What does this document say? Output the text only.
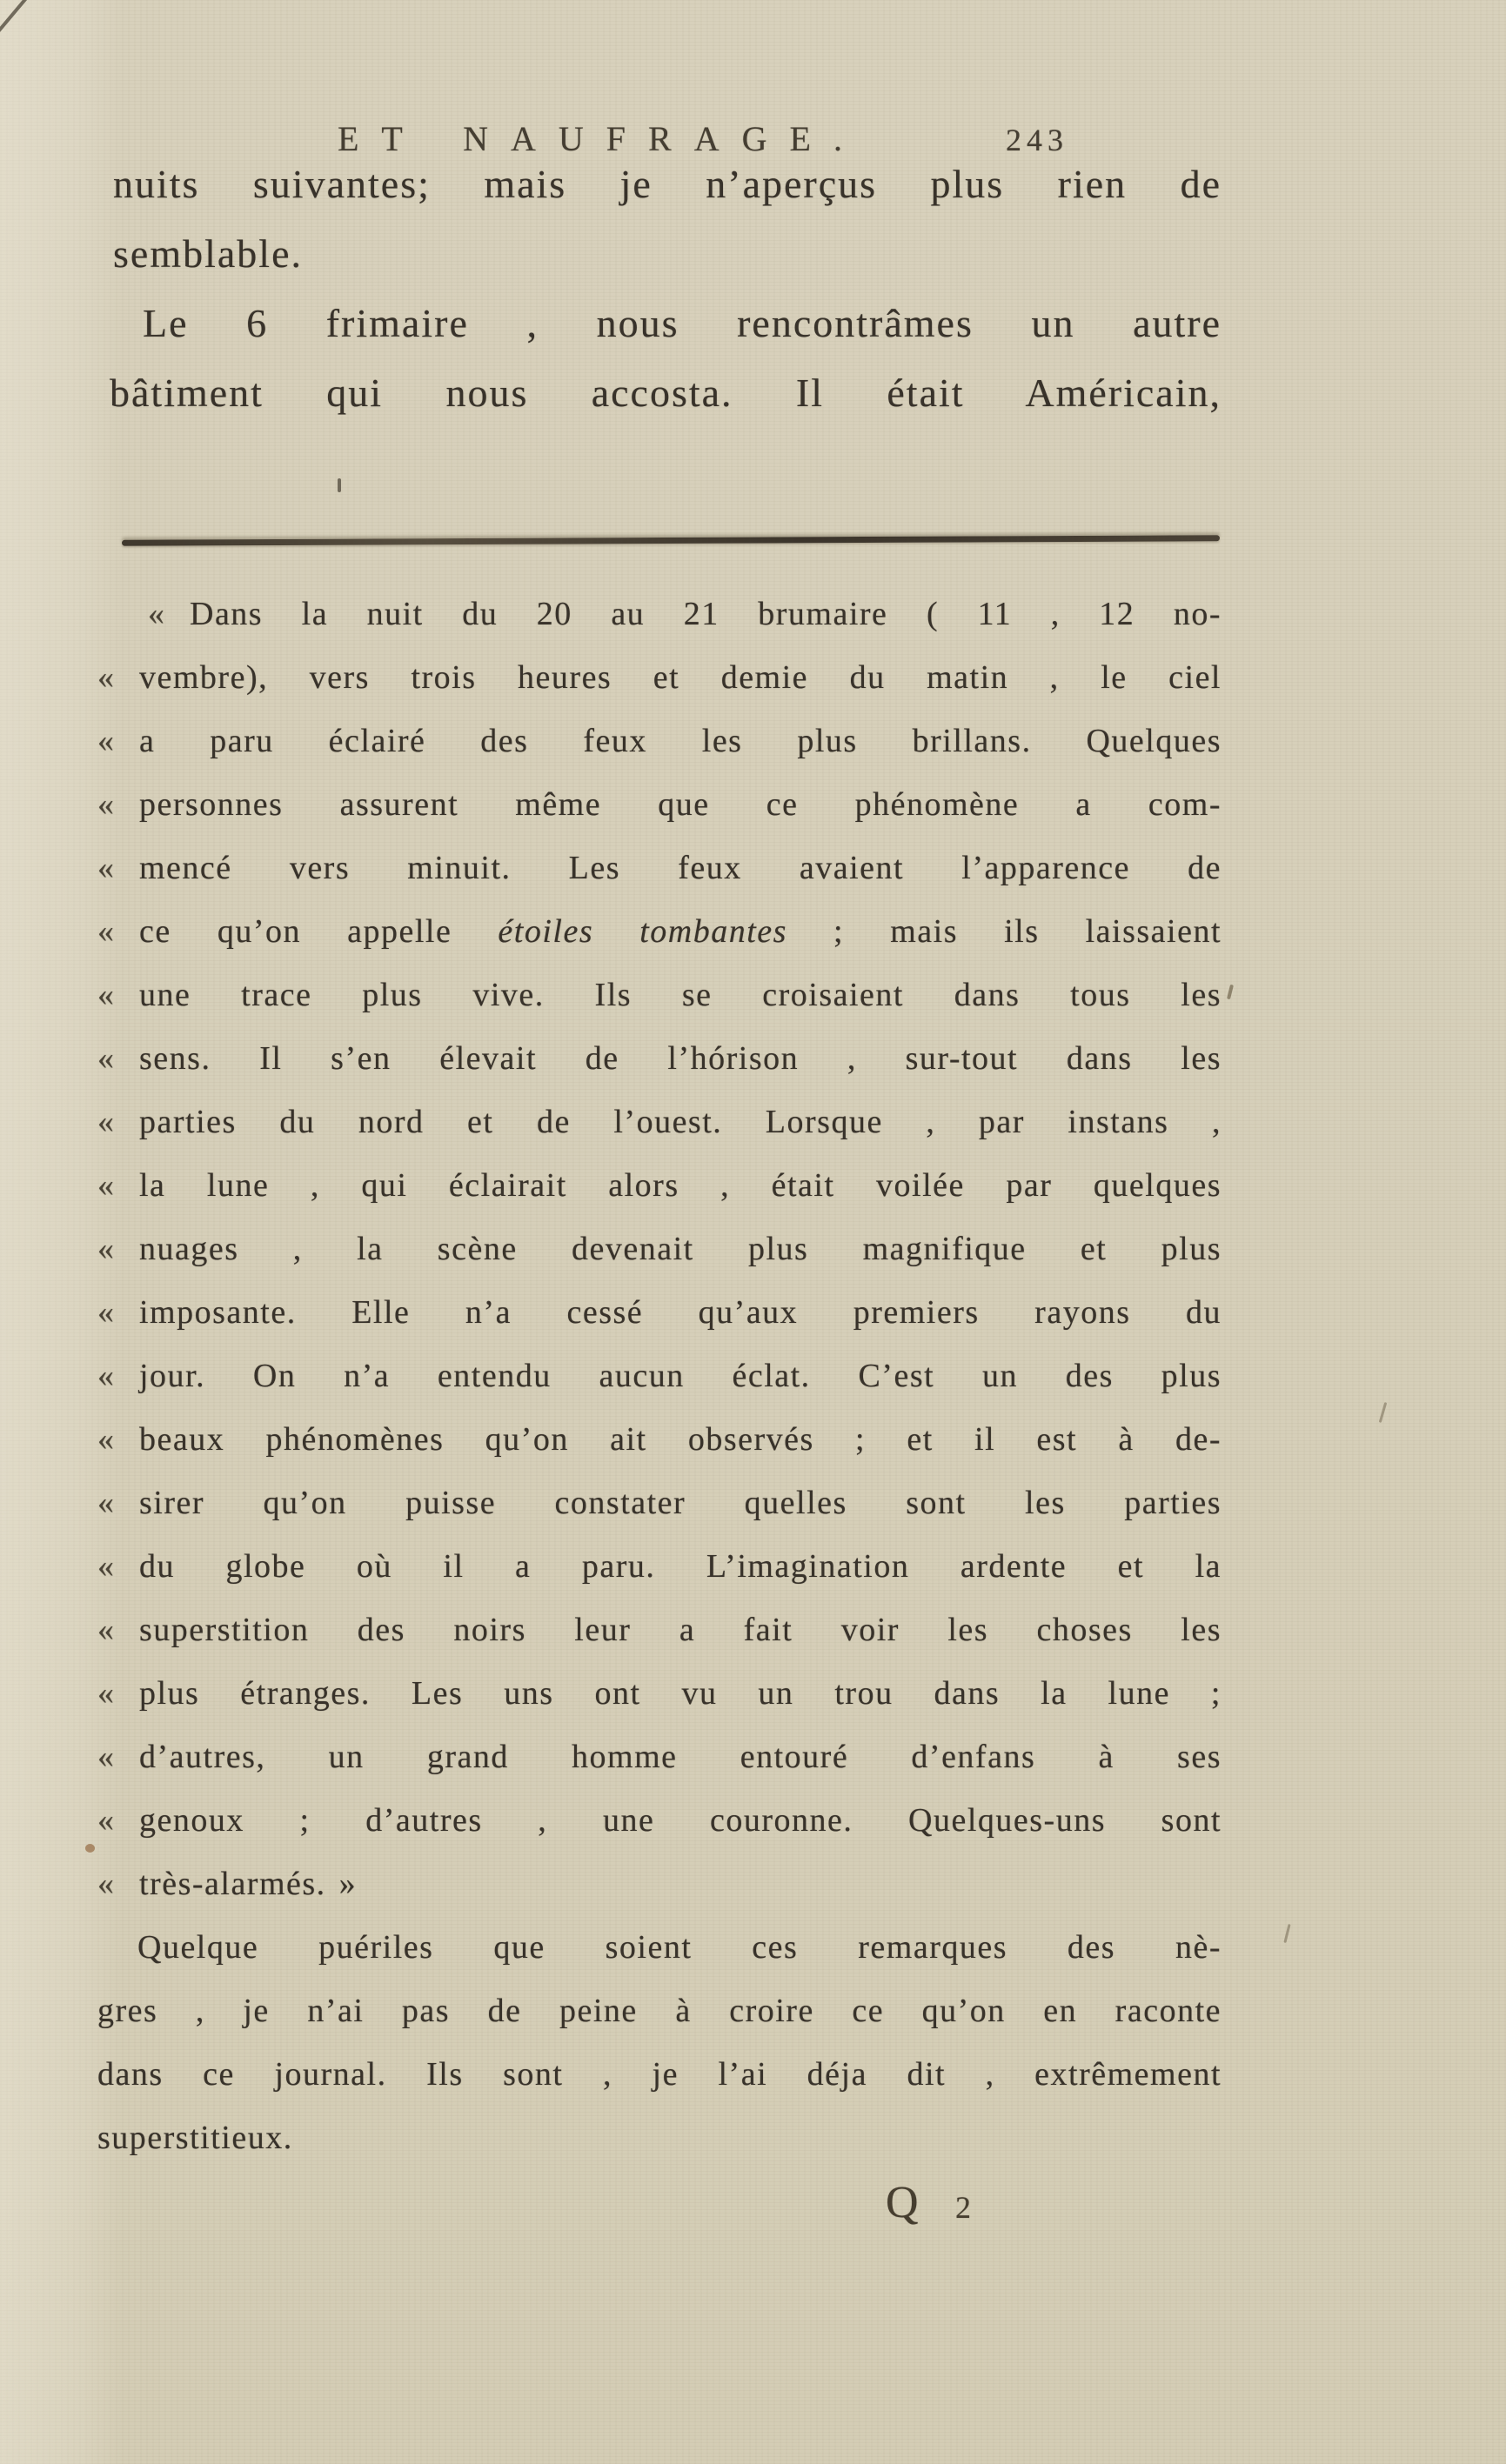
ET NAUFRAGE.	243
nuits suivantes; mais je n’aperçus plus rien de
semblable.
Le 6 frimaire , nous rencontrâmes un autre
bâtiment qui nous accosta. Il était Américain,
« Dans la nuit du 20 au 21 brumaire ( 11 , 12 no-
« vembre), vers trois heures et demie du matin , le ciel
« a paru éclairé des feux les plus brillans. Quelques
« personnes assurent même que ce phénomène a com-
« mencé vers minuit. Les feux avaient l’apparence de
« ce qu’on appelle étoiles tombantes ; mais ils laissaient
« une trace plus vive. Ils se croisaient dans tous les
« sens. Il s’en élevait de l’hórison , sur-tout dans les
« parties du nord et de l’ouest. Lorsque , par instans ,
« la lune , qui éclairait alors , était voilée par quelques
« nuages , la scène devenait plus magnifique et plus
« imposante. Elle n’a cessé qu’aux premiers rayons du
« jour. On n’a entendu aucun éclat. C’est un des plus
« beaux phénomènes qu’on ait observés ; et il est à de-
« sirer qu’on puisse constater quelles sont les parties
« du globe où il a paru. L’imagination ardente et la
« superstition des noirs leur a fait voir les choses les
« plus étranges. Les uns ont vu un trou dans la lune ;
« d’autres, un grand homme entouré d’enfans à ses
« genoux ; d’autres , une couronne. Quelques-uns sont
« très-alarmés. »
Quelque puériles que soient ces remarques des nè-
gres , je n’ai pas de peine à croire ce qu’on en raconte
dans ce journal. Ils sont , je l’ai déja dit , extrêmement
superstitieux.
Q 2
